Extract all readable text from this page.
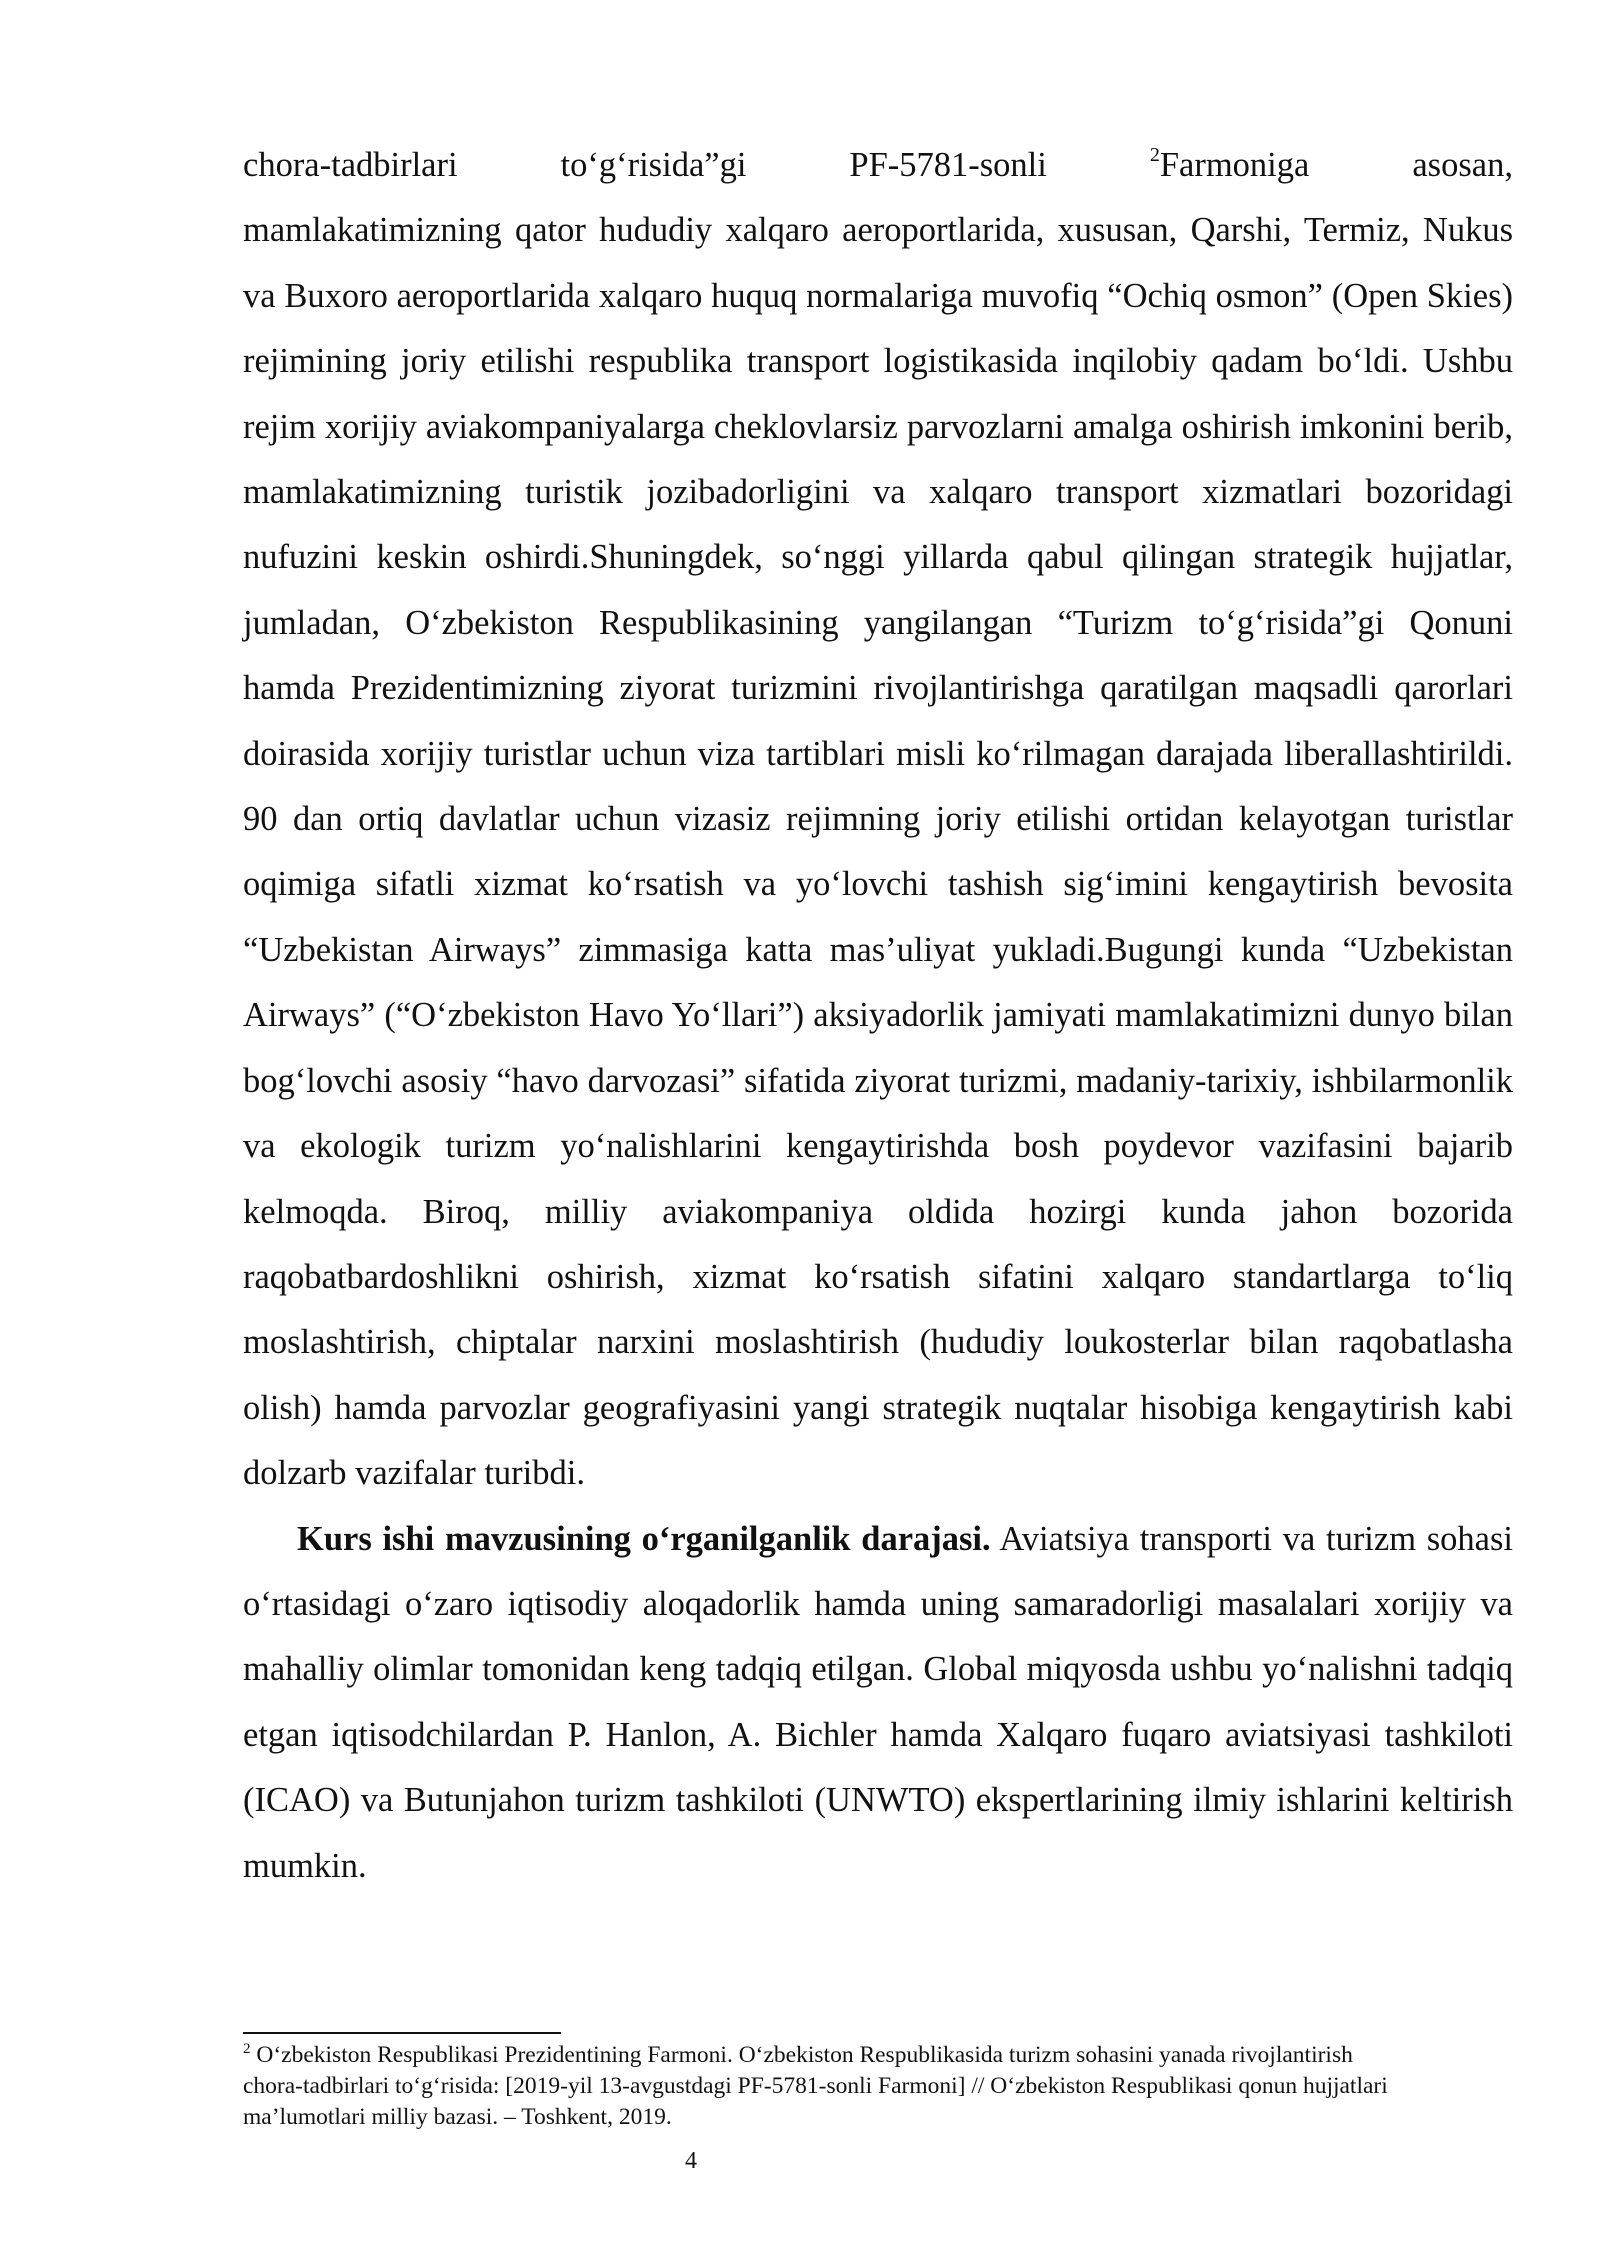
chora-tadbirlari	to‘g‘risida”gi	PF-5781-sonli	$^2$Farmoniga	asosan,
mamlakatimizning qator hududiy xalqaro aeroportlarida, xususan, Qarshi, Termiz, Nukus va Buxoro aeroportlarida xalqaro huquq normalariga muvofiq “Ochiq osmon” (Open Skies) rejimining joriy etilishi respublika transport logistikasida inqilobiy qadam bo‘ldi. Ushbu rejim xorijiy aviakompaniyalarga cheklovlarsiz parvozlarni amalga oshirish imkonini berib, mamlakatimizning turistik jozibadorligini va xalqaro transport xizmatlari bozoridagi nufuzini keskin oshirdi.Shuningdek, so‘nggi yillarda qabul qilingan strategik hujjatlar, jumladan, O‘zbekiston Respublikasining yangilangan “Turizm to‘g‘risida”gi Qonuni hamda Prezidentimizning ziyorat turizmini rivojlantirishga qaratilgan maqsadli qarorlari doirasida xorijiy turistlar uchun viza tartiblari misli ko‘rilmagan darajada liberallashtirildi. 90 dan ortiq davlatlar uchun vizasiz rejimning joriy etilishi ortidan kelayotgan turistlar oqimiga sifatli xizmat ko‘rsatish va yo‘lovchi tashish sig‘imini kengaytirish bevosita “Uzbekistan Airways” zimmasiga katta mas’uliyat yukladi.Bugungi kunda “Uzbekistan Airways” (“O‘zbekiston Havo Yo‘llari”) aksiyadorlik jamiyati mamlakatimizni dunyo bilan bog‘lovchi asosiy “havo darvozasi” sifatida ziyorat turizmi, madaniy-tarixiy, ishbilarmonlik va ekologik turizm yo‘nalishlarini kengaytirishda bosh poydevor vazifasini bajarib kelmoqda. Biroq, milliy aviakompaniya oldida hozirgi kunda jahon bozorida raqobatbardoshlikni oshirish, xizmat ko‘rsatish sifatini xalqaro standartlarga to‘liq moslashtirish, chiptalar narxini moslashtirish (hududiy loukosterlar bilan raqobatlasha olish) hamda parvozlar geografiyasini yangi strategik nuqtalar hisobiga kengaytirish kabi dolzarb vazifalar turibdi.

Kurs ishi mavzusining o‘rganilganlik darajasi. Aviatsiya transporti va turizm sohasi o‘rtasidagi o‘zaro iqtisodiy aloqadorlik hamda uning samaradorligi masalalari xorijiy va mahalliy olimlar tomonidan keng tadqiq etilgan. Global miqyosda ushbu yo‘nalishni tadqiq etgan iqtisodchilardan P. Hanlon, A. Bichler hamda Xalqaro fuqaro aviatsiyasi tashkiloti (ICAO) va Butunjahon turizm tashkiloti (UNWTO) ekspertlarining ilmiy ishlarini keltirish mumkin.

$^2$ O‘zbekiston Respublikasi Prezidentining Farmoni. O‘zbekiston Respublikasida turizm sohasini yanada rivojlantirish chora-tadbirlari to‘g‘risida: [2019-yil 13-avgustdagi PF-5781-sonli Farmoni] // O‘zbekiston Respublikasi qonun hujjatlari ma’lumotlari milliy bazasi. – Toshkent, 2019.
4
